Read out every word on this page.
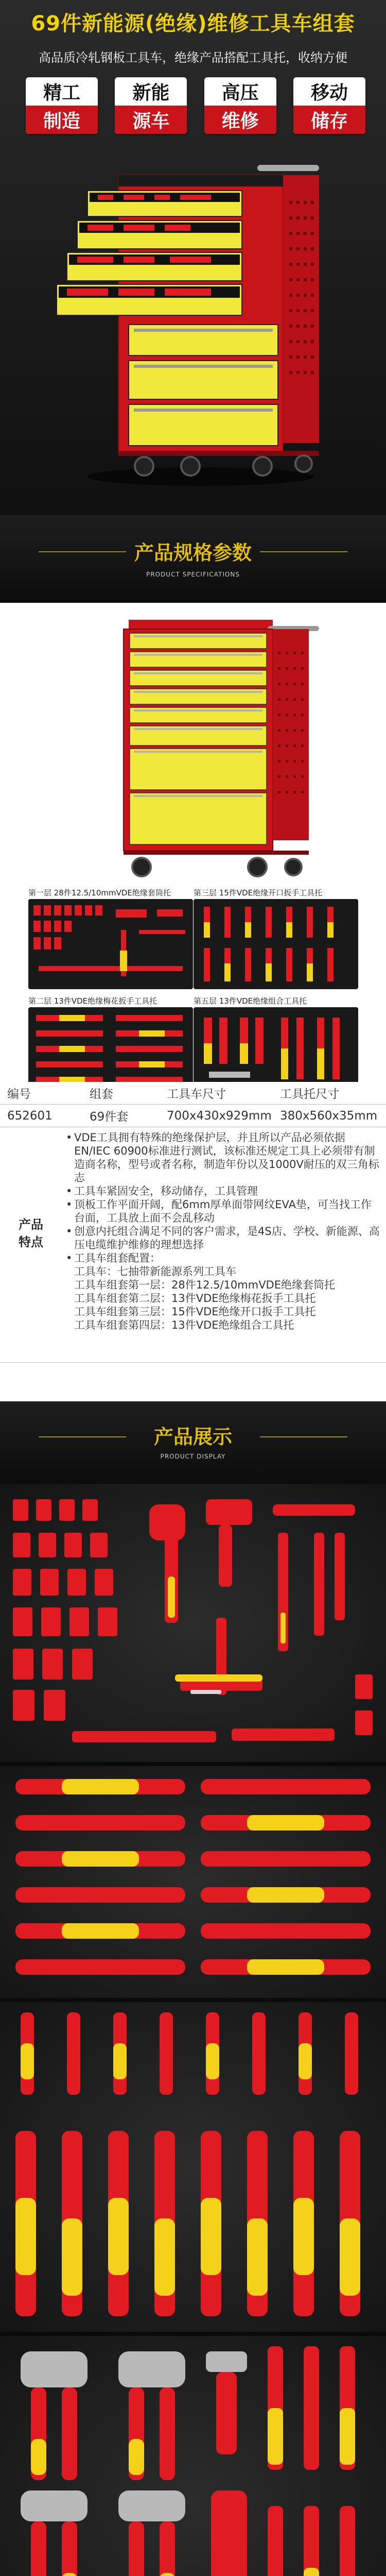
69件新能源(绝缘)维修工具车组套
高品质冷轧钢板工具车，绝缘产品搭配工具托，收纳方便
精工
制造
新能
源车
高压
维修
移动
储存
产品规格参数
PRODUCT SPECIFICATIONS
第一层 28件12.5/10mmVDE绝缘套筒托	第三层 15件VDE绝缘开口扳手工具托
第二层 13件VDE绝缘梅花扳手工具托	第五层 13件VDE绝缘组合工具托
编号	组套	工具车尺寸	工具托尺寸
652601	69件套	700x430x929mm 380x560x35mm
产品
特点
• VDE工具拥有特殊的绝缘保护层，并且所以产品必须依据EN/IEC 60900标准进行测试，该标准还规定工具上必须带有制造商名称，型号或者名称，制造年份以及1000V耐压的双三角标志
• 工具车紧固安全，移动储存，工具管理
• 顶板工作平面开阔，配6mm厚单面带网纹EVA垫，可当找工作台面，工具放上面不会乱移动
• 创意内托组合满足不同的客户需求，是4S店、学校、新能源、高压电缆维护维修的理想选择
• 工具车组套配置：
工具车：七抽带新能源系列工具车
工具车组套第一层：28件12.5/10mmVDE绝缘套筒托
工具车组套第二层：13件VDE绝缘梅花扳手工具托
工具车组套第三层：15件VDE绝缘开口扳手工具托
工具车组套第四层：13件VDE绝缘组合工具托
产品展示
PRODUCT DISPLAY
